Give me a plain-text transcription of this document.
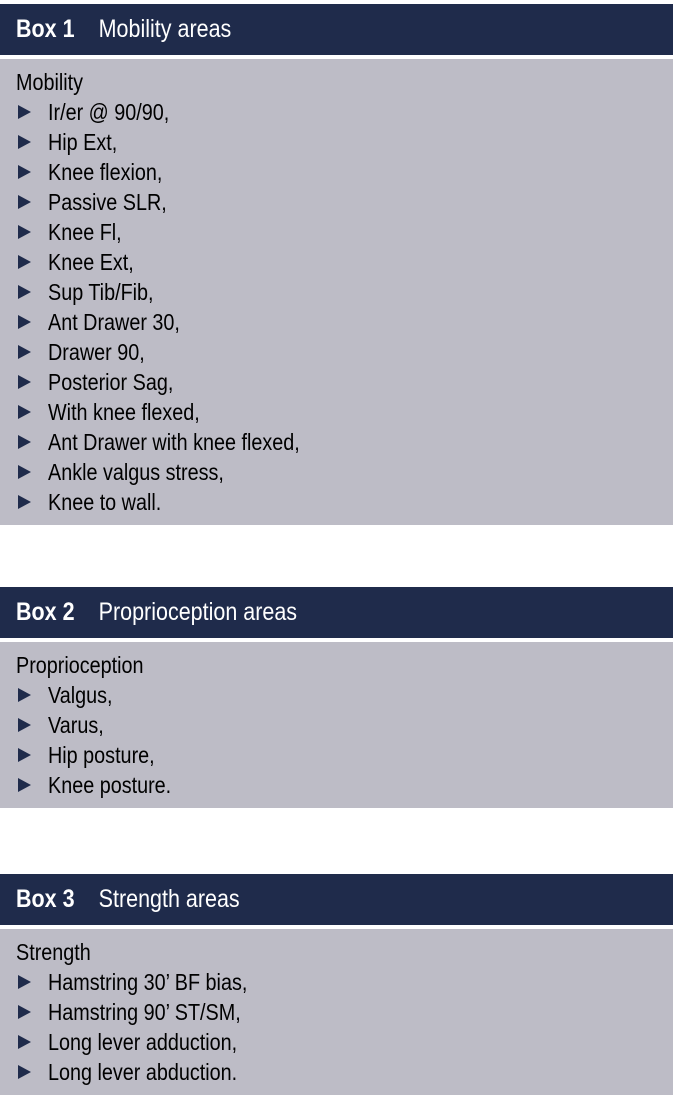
Box 1 Mobility areas
Mobility
Ir/er @ 90/90,
Hip Ext,
Knee flexion,
Passive SLR,
Knee Fl,
Knee Ext,
Sup Tib/Fib,
Ant Drawer 30,
Drawer 90,
Posterior Sag,
With knee flexed,
Ant Drawer with knee flexed,
Ankle valgus stress,
Knee to wall.
Box 2 Proprioception areas
Proprioception
Valgus,
Varus,
Hip posture,
Knee posture.
Box 3 Strength areas
Strength
Hamstring 30’ BF bias,
Hamstring 90’ ST/SM,
Long lever adduction,
Long lever abduction.
